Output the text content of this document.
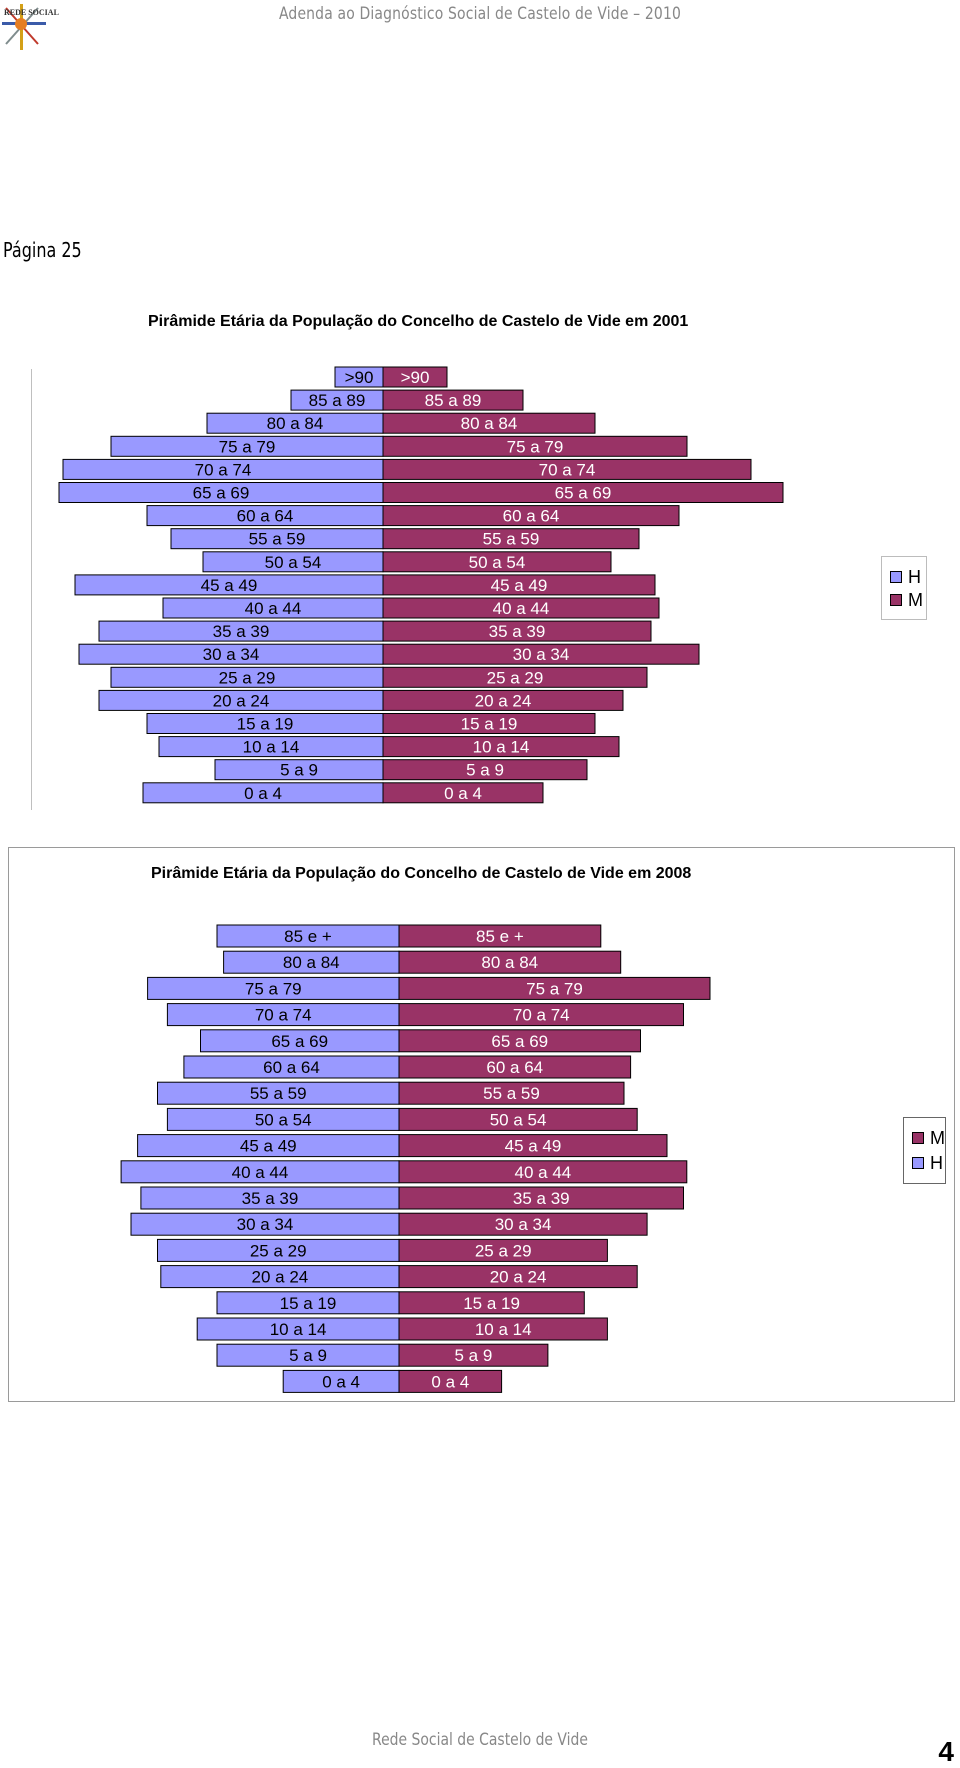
REDE SOCIAL	Adenda ao Diagnóstico Social de Castelo de Vide – 2010
Página 25
Pirâmide Etária da População do Concelho de Castelo de Vide em 2001
Pirâmide Etária da População do Concelho de Castelo de Vide em 2008
>90 >90
85 a 89	85 a 89
80 a 84	80 a 84
75 a 79	75 a 79
70 a 74	70 a 74
65 a 69	65 a 69
60 a 64	60 a 64
55 a 59	55 a 59
50 a 54	50 a 54
45 a 49	45 a 49
40 a 44	40 a 44
35 a 39	35 a 39
30 a 34	30 a 34
25 a 29	25 a 29
20 a 24	20 a 24
15 a 19	15 a 19
10 a 14	10 a 14
5 a 9	5 a 9
0 a 4	0 a 4
85 e +	85 e +
80 a 84	80 a 84
75 a 79	75 a 79
70 a 74	70 a 74
65 a 69	65 a 69
60 a 64	60 a 64
55 a 59	55 a 59
50 a 54	50 a 54
45 a 49	45 a 49
40 a 44	40 a 44
35 a 39	35 a 39
30 a 34	30 a 34
25 a 29	25 a 29
20 a 24	20 a 24
15 a 19	15 a 19
10 a 14	10 a 14
5 a 9	5 a 9
0 a 4	0 a 4
H
M
M
H
Rede Social de Castelo de Vide	4
